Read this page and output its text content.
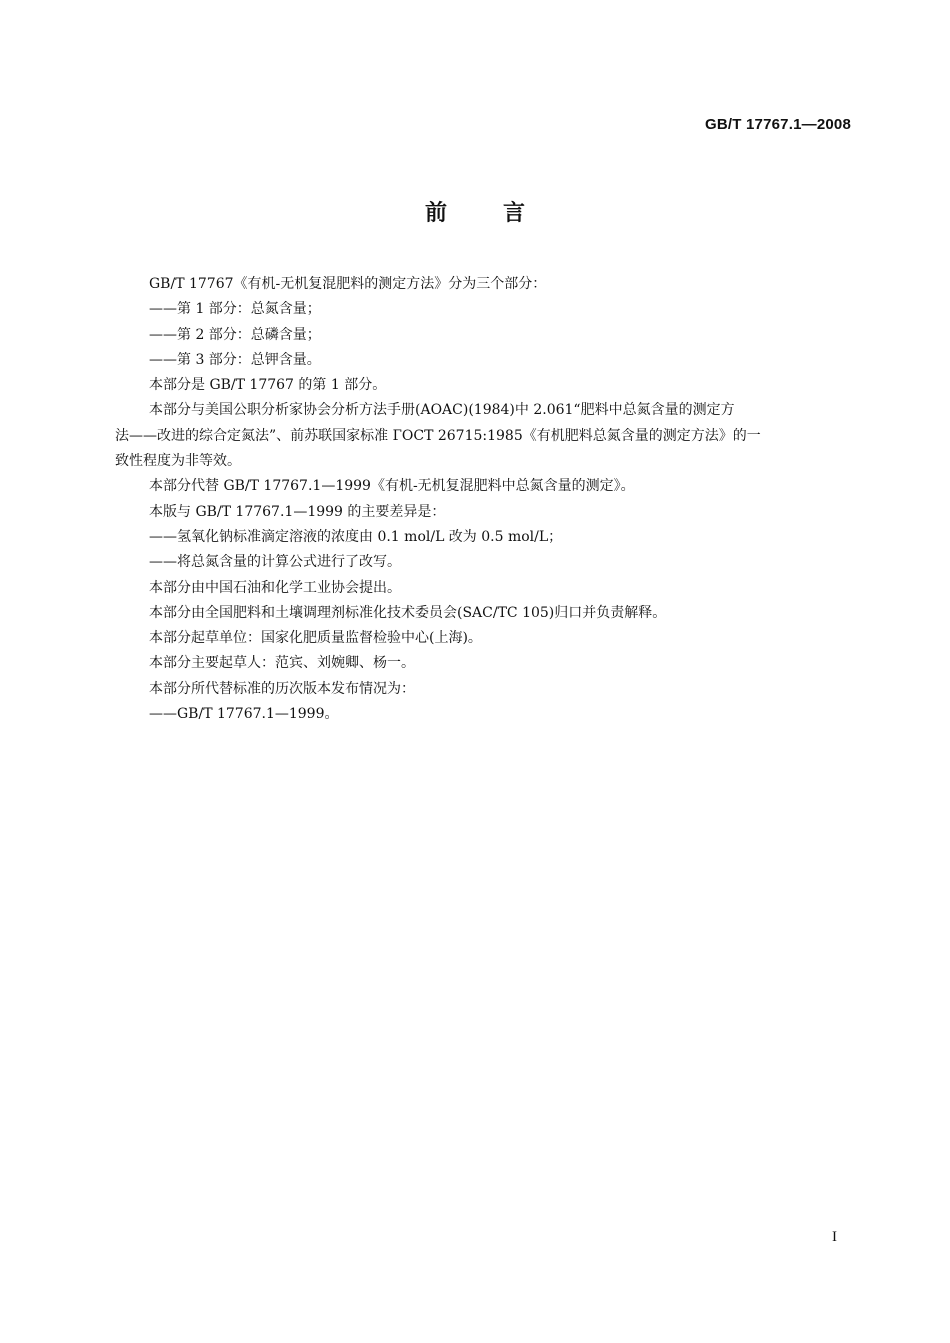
GB/T 17767.1—2008
前言

GB/T 17767《有机-无机复混肥料的测定方法》分为三个部分：

——第 1 部分：总氮含量；

——第 2 部分：总磷含量；

——第 3 部分：总钾含量。

本部分是 GB/T 17767 的第 1 部分。

本部分与美国公职分析家协会分析方法手册(AOAC)(1984)中 2.061“肥料中总氮含量的测定方
法——改进的综合定氮法”、前苏联国家标准 ГОСТ 26715:1985《有机肥料总氮含量的测定方法》的一
致性程度为非等效。

本部分代替 GB/T 17767.1—1999《有机-无机复混肥料中总氮含量的测定》。

本版与 GB/T 17767.1—1999 的主要差异是：

——氢氧化钠标准滴定溶液的浓度由 0.1 mol/L 改为 0.5 mol/L；

——将总氮含量的计算公式进行了改写。

本部分由中国石油和化学工业协会提出。

本部分由全国肥料和土壤调理剂标准化技术委员会(SAC/TC 105)归口并负责解释。

本部分起草单位：国家化肥质量监督检验中心(上海)。

本部分主要起草人：范宾、刘婉卿、杨一。

本部分所代替标准的历次版本发布情况为：

——GB/T 17767.1—1999。

I
